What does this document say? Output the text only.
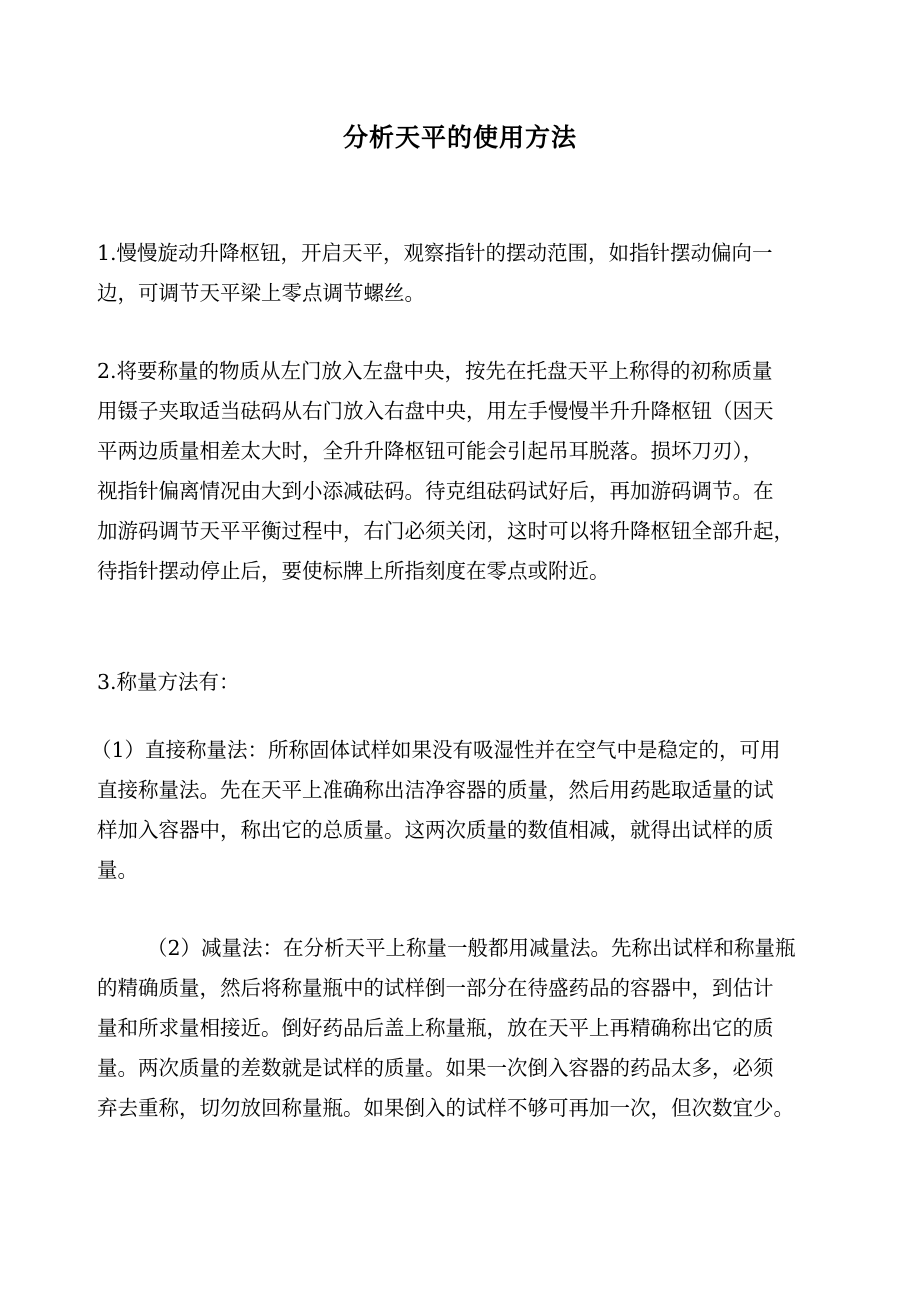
分析天平的使用方法
1.慢慢旋动升降枢钮，开启天平，观察指针的摆动范围，如指针摆动偏向一
边，可调节天平梁上零点调节螺丝。
2.将要称量的物质从左门放入左盘中央，按先在托盘天平上称得的初称质量
用镊子夹取适当砝码从右门放入右盘中央，用左手慢慢半升升降枢钮（因天
平两边质量相差太大时，全升升降枢钮可能会引起吊耳脱落。损坏刀刃），
视指针偏离情况由大到小添减砝码。待克组砝码试好后，再加游码调节。在
加游码调节天平平衡过程中，右门必须关闭，这时可以将升降枢钮全部升起，
待指针摆动停止后，要使标牌上所指刻度在零点或附近。
3.称量方法有：
（1）直接称量法：所称固体试样如果没有吸湿性并在空气中是稳定的，可用
直接称量法。先在天平上准确称出洁净容器的质量，然后用药匙取适量的试
样加入容器中，称出它的总质量。这两次质量的数值相减，就得出试样的质
量。
（2）减量法：在分析天平上称量一般都用减量法。先称出试样和称量瓶
的精确质量，然后将称量瓶中的试样倒一部分在待盛药品的容器中，到估计
量和所求量相接近。倒好药品后盖上称量瓶，放在天平上再精确称出它的质
量。两次质量的差数就是试样的质量。如果一次倒入容器的药品太多，必须
弃去重称，切勿放回称量瓶。如果倒入的试样不够可再加一次，但次数宜少。
